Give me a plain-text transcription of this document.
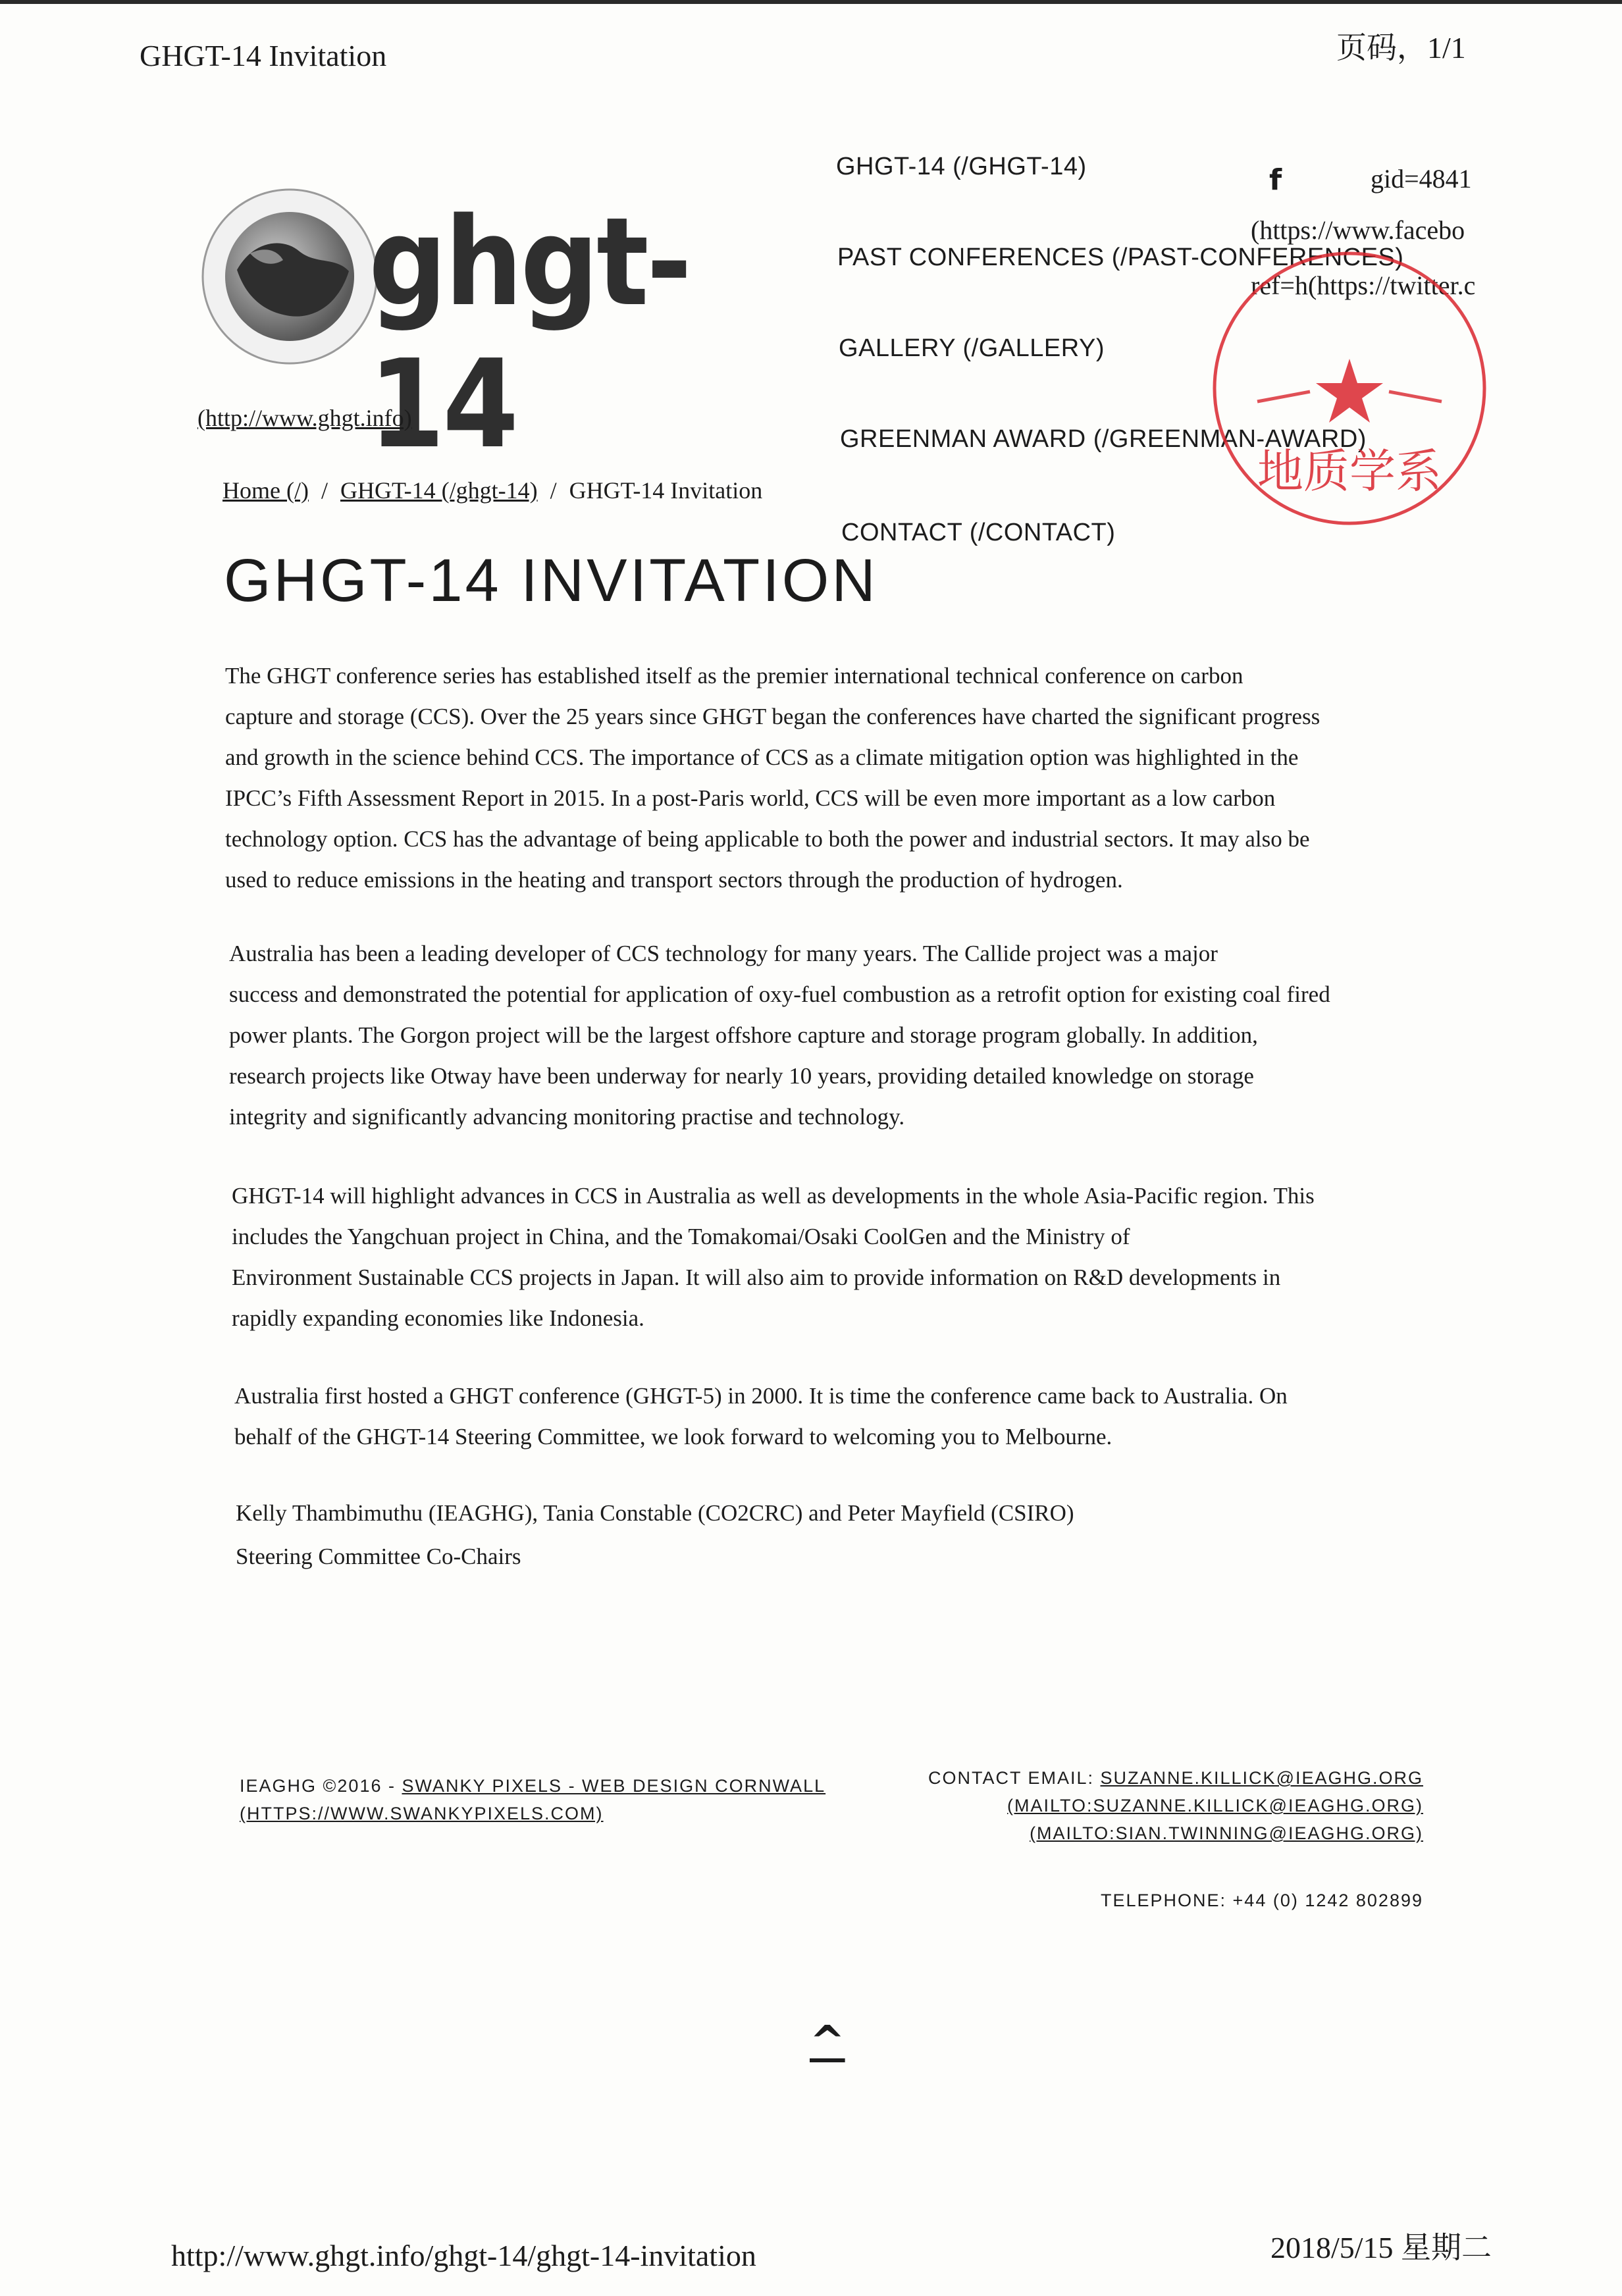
GHGT-14 Invitation	页码，1/1
ghgt-14
(http://www.ghgt.info)
GHGT-14 (/GHGT-14)
PAST CONFERENCES (/PAST-CONFERENCES)
GALLERY (/GALLERY)
GREENMAN AWARD (/GREENMAN-AWARD)
CONTACT (/CONTACT)
f	gid=4841
(https://www.facebo
ref=h(https://twitter.c
地质学系
Home (/) / GHGT-14 (/ghgt-14) / GHGT-14 Invitation
GHGT-14 INVITATION
The GHGT conference series has established itself as the premier international technical conference on carbon
capture and storage (CCS). Over the 25 years since GHGT began the conferences have charted the significant progress
and growth in the science behind CCS. The importance of CCS as a climate mitigation option was highlighted in the
IPCC’s Fifth Assessment Report in 2015. In a post-Paris world, CCS will be even more important as a low carbon
technology option. CCS has the advantage of being applicable to both the power and industrial sectors. It may also be
used to reduce emissions in the heating and transport sectors through the production of hydrogen.
Australia has been a leading developer of CCS technology for many years. The Callide project was a major
success and demonstrated the potential for application of oxy-fuel combustion as a retrofit option for existing coal fired
power plants. The Gorgon project will be the largest offshore capture and storage program globally. In addition,
research projects like Otway have been underway for nearly 10 years, providing detailed knowledge on storage
integrity and significantly advancing monitoring practise and technology.
GHGT-14 will highlight advances in CCS in Australia as well as developments in the whole Asia-Pacific region. This
includes the Yangchuan project in China, and the Tomakomai/Osaki CoolGen and the Ministry of
Environment Sustainable CCS projects in Japan. It will also aim to provide information on R&D developments in
rapidly expanding economies like Indonesia.
Australia first hosted a GHGT conference (GHGT-5) in 2000. It is time the conference came back to Australia. On
behalf of the GHGT-14 Steering Committee, we look forward to welcoming you to Melbourne.
Kelly Thambimuthu (IEAGHG), Tania Constable (CO2CRC) and Peter Mayfield (CSIRO)
Steering Committee Co-Chairs
IEAGHG ©2016 - SWANKY PIXELS - WEB DESIGN CORNWALL
(HTTPS://WWW.SWANKYPIXELS.COM)
CONTACT EMAIL: SUZANNE.KILLICK@IEAGHG.ORG
(MAILTO:SUZANNE.KILLICK@IEAGHG.ORG)
(MAILTO:SIAN.TWINNING@IEAGHG.ORG)
TELEPHONE: +44 (0) 1242 802899
^
http://www.ghgt.info/ghgt-14/ghgt-14-invitation	2018/5/15 星期二
